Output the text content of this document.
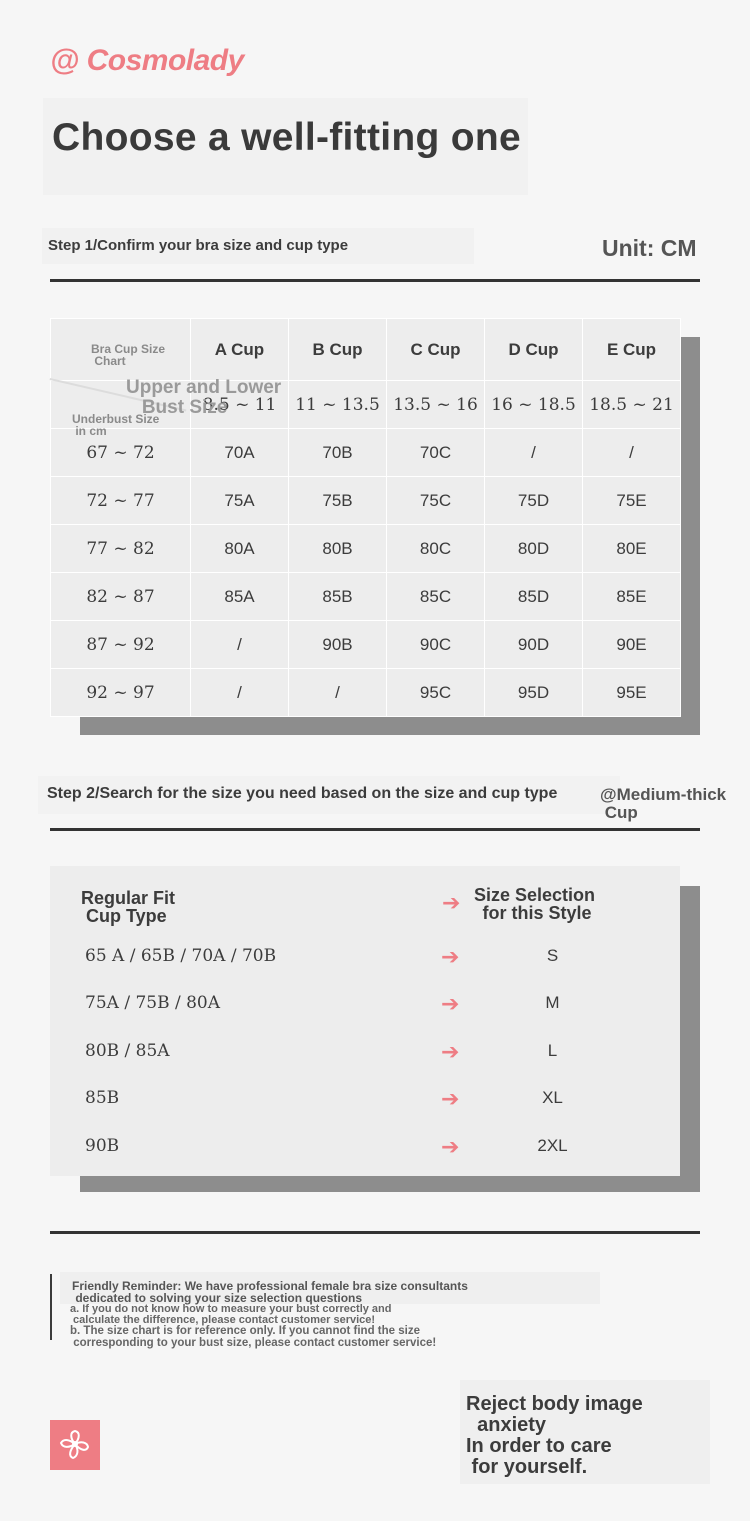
@ Cosmolady
Choose a well-fitting one
Step 1/Confirm your bra size and cup type	Unit: CM
Bra Cup Size
Chart	A Cup	B Cup	C Cup	D Cup	E Cup
	8.5 ~ 11	11 ~ 13.5	13.5 ~ 16	16 ~ 18.5	18.5 ~ 21
67 ~ 72	70A	70B	70C	/	/
72 ~ 77	75A	75B	75C	75D	75E
77 ~ 82	80A	80B	80C	80D	80E
82 ~ 87	85A	85B	85C	85D	85E
87 ~ 92	/	90B	90C	90D	90E
92 ~ 97	/	/	95C	95D	95E
Upper and Lower
Bust Size
Underbust Size
in cm
Step 2/Search for the size you need based on the size and cup type	@Medium-thick
Cup
Regular Fit
Cup Type
➔ Size Selection
for this Style
65 A / 65B / 70A / 70B	➔	S
75A / 75B / 80A	➔	M
80B / 85A	➔	L
85B	➔	XL
90B	➔	2XL
Friendly Reminder: We have professional female bra size consultants
dedicated to solving your size selection questions
a. If you do not know how to measure your bust correctly and
calculate the difference, please contact customer service!
b. The size chart is for reference only. If you cannot find the size
corresponding to your bust size, please contact customer service!
Reject body image
anxiety
In order to care
for yourself.
